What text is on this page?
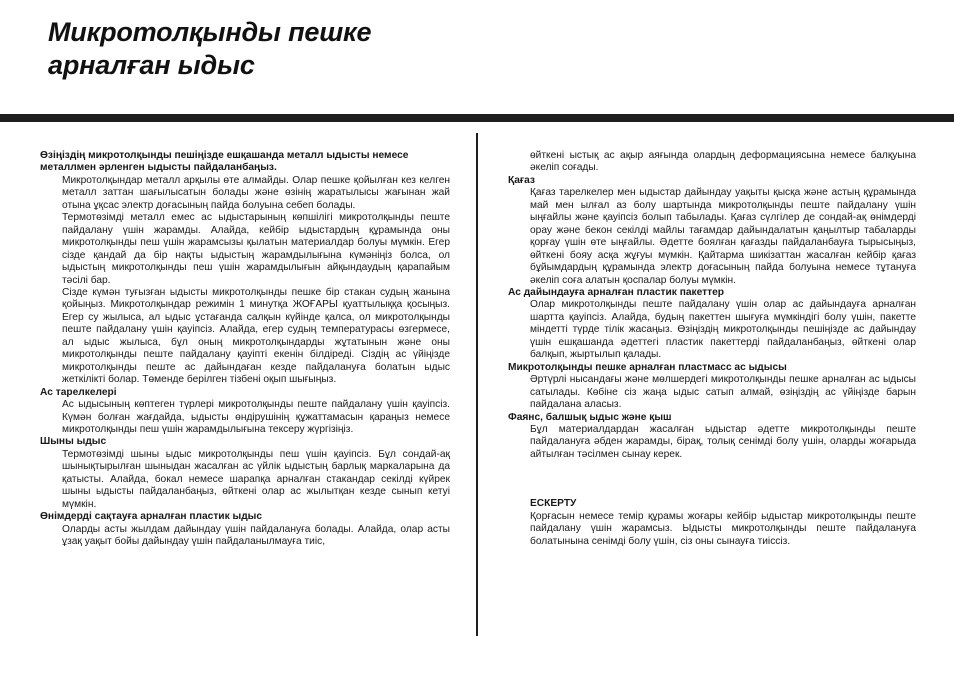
Микротолқынды пешке
арналған ыдыс

Өзіңіздің микротолқынды пешіңізде ешқашанда металл ыдысты немесе металлмен әрленген ыдысты пайдаланбаңыз.

Микротолқындар металл арқылы өте алмайды. Олар пешке қойылған кез келген металл заттан шағылысатын болады және өзінің жаратылысы жағынан жай отына ұқсас электр доғасының пайда болуына себеп болады.

Термотөзімді металл емес ас ыдыстарының көпшілігі микротолқынды пеште пайдалану үшін жарамды. Алайда, кейбір ыдыстардың құрамында оны микротолқынды пеш үшін жарамсызы қылатын материалдар болуы мүмкін. Егер сізде қандай да бір нақты ыдыстың жарамдылығына күмәніңіз болса, ол ыдыстың микротолқынды пеш үшін жарамдылығын айқындаудың қарапайым тәсілі бар.

Сізде күмән туғызған ыдысты микротолқынды пешке бір стакан судың жанына қойыңыз. Микротолқындар режимін 1 минутқа ЖОҒАРЫ қуаттылыққа қосыңыз. Егер су жылыса, ал ыдыс ұстағанда салқын күйінде қалса, ол микротолқынды пеште пайдалану үшін қауіпсіз. Алайда, егер судың температурасы өзгермесе, ал ыдыс жылыса, бұл оның микротолқындарды жұтатынын және оны микротолқынды пеште пайдалану қауіпті екенін білдіреді. Сіздің ас үйіңізде микротолқынды пеште ас дайындаған кезде пайдалануға болатын ыдыс жеткілікті болар. Төменде берілген тізбені оқып шығыңыз.

Ас тарелкелері

Ас ыдысының көптеген түрлері микротолқынды пеште пайдалану үшін қауіпсіз. Күмән болған жағдайда, ыдысты өндірушінің құжаттамасын қараңыз немесе микротолқынды пеш үшін жарамдылығына тексеру жүргізіңіз.

Шыны ыдыс

Термотөзімді шыны ыдыс микротолқынды пеш үшін қауіпсіз. Бұл сондай-ақ шынықтырылған шыныдан жасалған ас үйлік ыдыстың барлық маркаларына да қатысты. Алайда, бокал немесе шарапқа арналған стакандар секілді күйрек шыны ыдысты пайдаланбаңыз, өйткені олар ас жылытқан кезде сынып кетуі мүмкін.

Өнімдерді сақтауға арналған пластик ыдыс

Оларды асты жылдам дайындау үшін пайдалануға болады. Алайда, олар асты ұзақ уақыт бойы дайындау үшін пайдаланылмауға тиіс,

өйткені ыстық ас ақыр аяғында олардың деформациясына немесе балқуына әкеліп соғады.

Қағаз

Қағаз тарелкелер мен ыдыстар дайындау уақыты қысқа және астың құрамында май мен ылғал аз болу шартында микротолқынды пеште пайдалану үшін ыңғайлы және қауіпсіз болып табылады. Қағаз сүлгілер де сондай-ақ өнімдерді орау және бекон секілді майлы тағамдар дайындалатын қаңылтыр табаларды қорғау үшін өте ыңғайлы. Әдетте боялған қағазды пайдаланбауға тырысыңыз, өйткені бояу асқа жұғуы мүмкін. Қайтарма шикізаттан жасалған кейбір қағаз бұйымдардың құрамында электр доғасының пайда болуына немесе тұтануға әкеліп соға алатын қоспалар болуы мүмкін.

Ас дайындауға арналған пластик пакеттер

Олар микротолқынды пеште пайдалану үшін олар ас дайындауға арналған шартта қауіпсіз. Алайда, будың пакеттен шығуға мүмкіндігі болу үшін, пакетте міндетті түрде тілік жасаңыз. Өзіңіздің микротолқынды пешіңізде ас дайындау үшін ешқашанда әдеттегі пластик пакеттерді пайдаланбаңыз, өйткені олар балқып, жыртылып қалады.

Микротолқынды пешке арналған пластмасс ас ыдысы

Әртүрлі нысандағы және мөлшердегі микротолқынды пешке арналған ас ыдысы сатылады. Көбіне сіз жаңа ыдыс сатып алмай, өзіңіздің ас үйіңізде барын пайдалана аласыз.

Фаянс, балшық ыдыс және қыш

Бұл материалдардан жасалған ыдыстар әдетте микротолқынды пеште пайдалануға әбден жарамды, бірақ, толық сенімді болу үшін, оларды жоғарыда айтылған тәсілмен сынау керек.

ЕСКЕРТУ

Қорғасын немесе темір құрамы жоғары кейбір ыдыстар микротолқынды пеште пайдалану үшін жарамсыз. Ыдысты микротолқынды пеште пайдалануға болатынына сенімді болу үшін, сіз оны сынауға тиіссіз.
